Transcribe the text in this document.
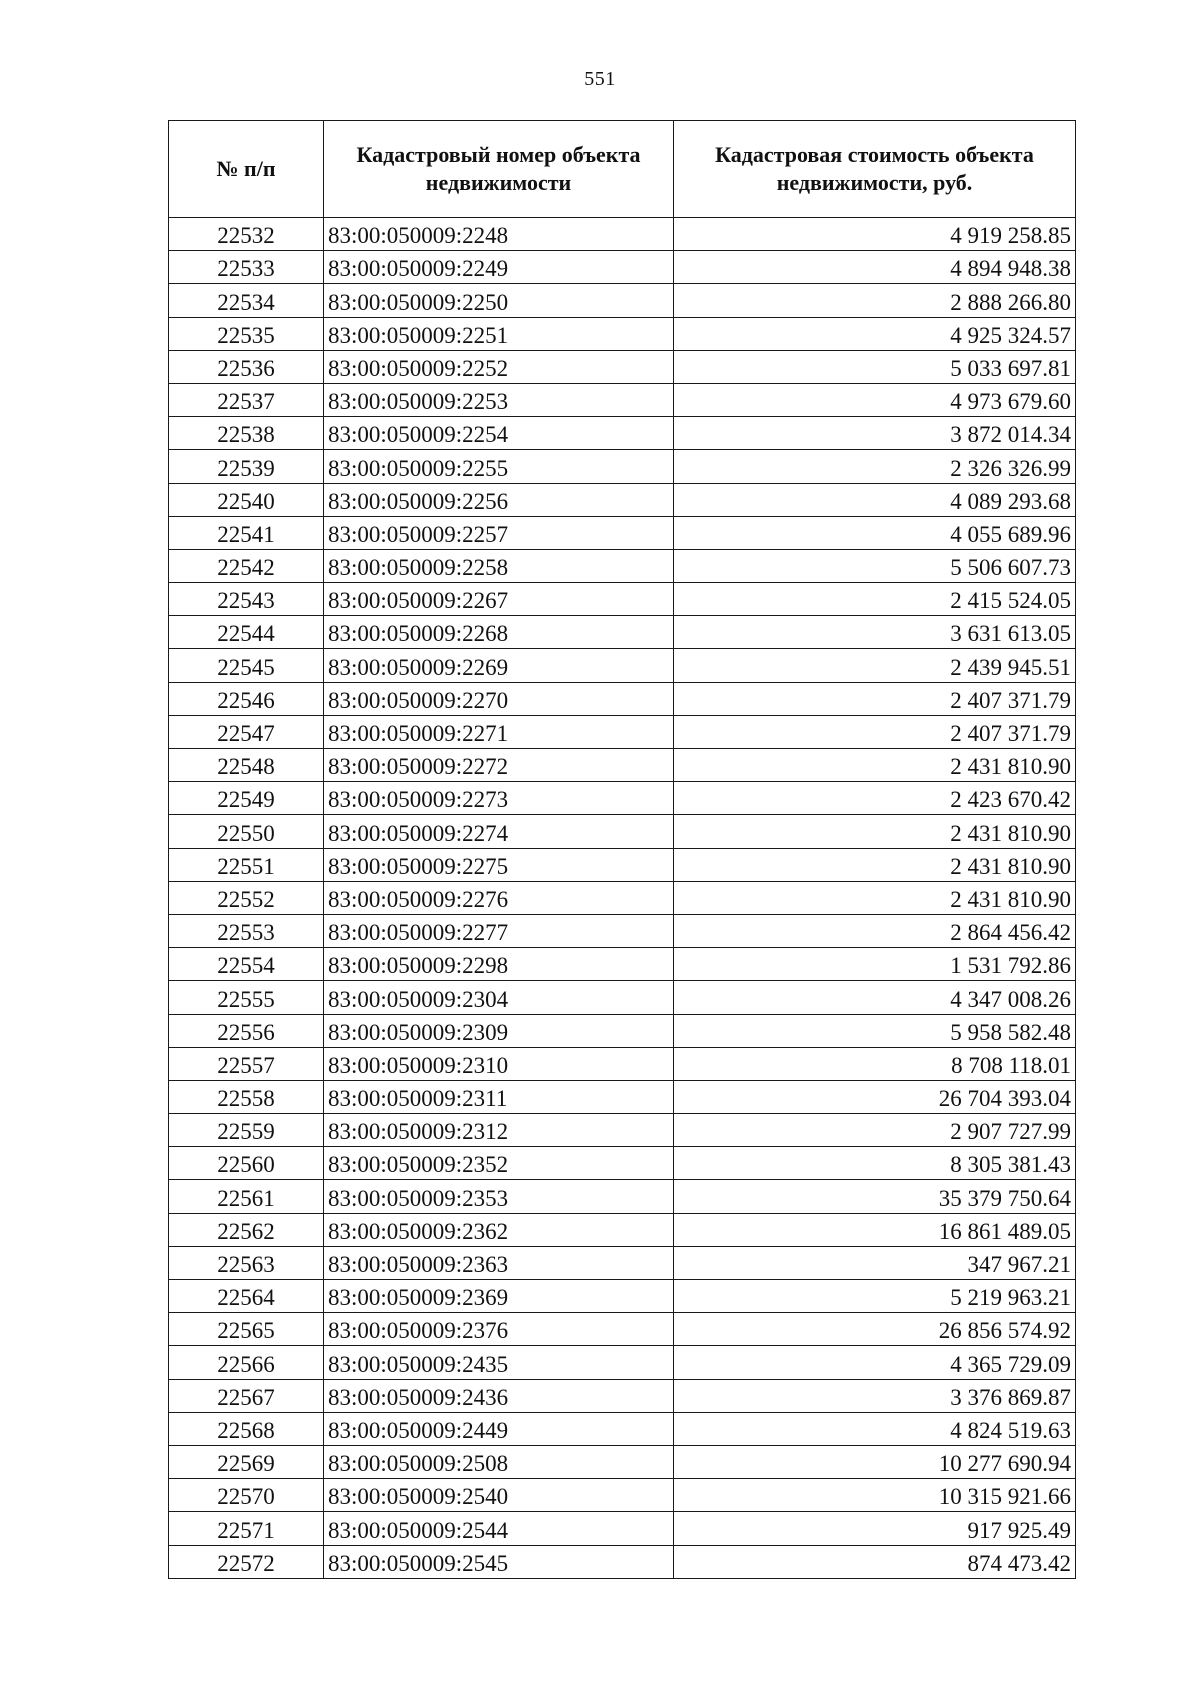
551
№ п/п	Кадастровый номер объекта недвижимости	Кадастровая стоимость объекта недвижимости, руб.
22532	83:00:050009:2248	4 919 258.85
22533	83:00:050009:2249	4 894 948.38
22534	83:00:050009:2250	2 888 266.80
22535	83:00:050009:2251	4 925 324.57
22536	83:00:050009:2252	5 033 697.81
22537	83:00:050009:2253	4 973 679.60
22538	83:00:050009:2254	3 872 014.34
22539	83:00:050009:2255	2 326 326.99
22540	83:00:050009:2256	4 089 293.68
22541	83:00:050009:2257	4 055 689.96
22542	83:00:050009:2258	5 506 607.73
22543	83:00:050009:2267	2 415 524.05
22544	83:00:050009:2268	3 631 613.05
22545	83:00:050009:2269	2 439 945.51
22546	83:00:050009:2270	2 407 371.79
22547	83:00:050009:2271	2 407 371.79
22548	83:00:050009:2272	2 431 810.90
22549	83:00:050009:2273	2 423 670.42
22550	83:00:050009:2274	2 431 810.90
22551	83:00:050009:2275	2 431 810.90
22552	83:00:050009:2276	2 431 810.90
22553	83:00:050009:2277	2 864 456.42
22554	83:00:050009:2298	1 531 792.86
22555	83:00:050009:2304	4 347 008.26
22556	83:00:050009:2309	5 958 582.48
22557	83:00:050009:2310	8 708 118.01
22558	83:00:050009:2311	26 704 393.04
22559	83:00:050009:2312	2 907 727.99
22560	83:00:050009:2352	8 305 381.43
22561	83:00:050009:2353	35 379 750.64
22562	83:00:050009:2362	16 861 489.05
22563	83:00:050009:2363	347 967.21
22564	83:00:050009:2369	5 219 963.21
22565	83:00:050009:2376	26 856 574.92
22566	83:00:050009:2435	4 365 729.09
22567	83:00:050009:2436	3 376 869.87
22568	83:00:050009:2449	4 824 519.63
22569	83:00:050009:2508	10 277 690.94
22570	83:00:050009:2540	10 315 921.66
22571	83:00:050009:2544	917 925.49
22572	83:00:050009:2545	874 473.42
